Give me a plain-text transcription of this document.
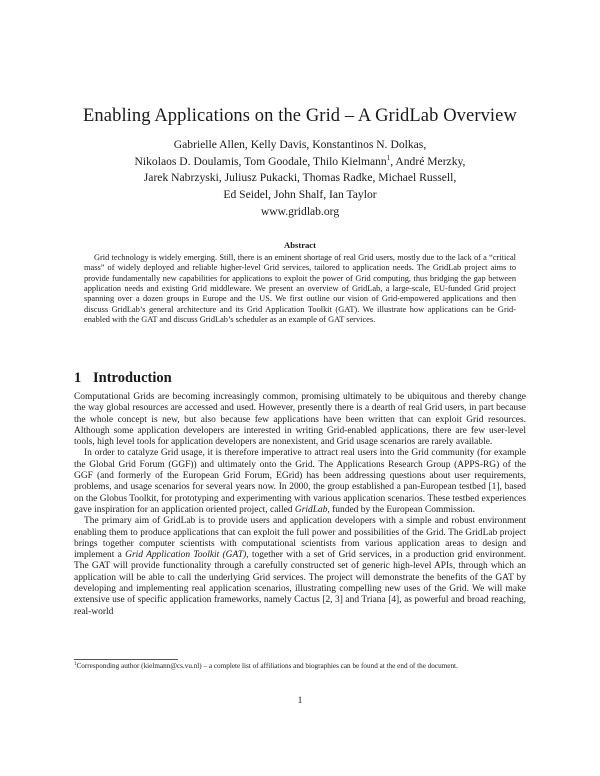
Enabling Applications on the Grid – A GridLab Overview
Gabrielle Allen, Kelly Davis, Konstantinos N. Dolkas,
Nikolaos D. Doulamis, Tom Goodale, Thilo Kielmann$^1$, André Merzky,
Jarek Nabrzyski, Juliusz Pukacki, Thomas Radke, Michael Russell,
Ed Seidel, John Shalf, Ian Taylor
www.gridlab.org
Abstract
Grid technology is widely emerging. Still, there is an eminent shortage of real Grid users, mostly due to the lack of a “critical mass” of widely deployed and reliable higher-level Grid services, tailored to application needs. The GridLab project aims to provide fundamentally new capabilities for applications to exploit the power of Grid computing, thus bridging the gap between application needs and existing Grid middleware. We present an overview of GridLab, a large-scale, EU-funded Grid project spanning over a dozen groups in Europe and the US. We first outline our vision of Grid-empowered applications and then discuss GridLab’s general architecture and its Grid Application Toolkit (GAT). We illustrate how applications can be Grid-enabled with the GAT and discuss GridLab’s scheduler as an example of GAT services.
1 Introduction

Computational Grids are becoming increasingly common, promising ultimately to be ubiquitous and thereby change the way global resources are accessed and used. However, presently there is a dearth of real Grid users, in part because the whole concept is new, but also because few applications have been written that can exploit Grid resources. Although some application developers are interested in writing Grid-enabled applications, there are few user-level tools, high level tools for application developers are nonexistent, and Grid usage scenarios are rarely available.

In order to catalyze Grid usage, it is therefore imperative to attract real users into the Grid community (for example the Global Grid Forum (GGF)) and ultimately onto the Grid. The Applications Research Group (APPS-RG) of the GGF (and formerly of the European Grid Forum, EGrid) has been addressing questions about user requirements, problems, and usage scenarios for several years now. In 2000, the group established a pan-European testbed [1], based on the Globus Toolkit, for prototyping and experimenting with various application scenarios. These testbed experiences gave inspiration for an application oriented project, called GridLab, funded by the European Commission.

The primary aim of GridLab is to provide users and application developers with a simple and robust environment enabling them to produce applications that can exploit the full power and possibilities of the Grid. The GridLab project brings together computer scientists with computational scientists from various application areas to design and implement a Grid Application Toolkit (GAT), together with a set of Grid services, in a production grid environment. The GAT will provide functionality through a carefully constructed set of generic high-level APIs, through which an application will be able to call the underlying Grid services. The project will demonstrate the benefits of the GAT by developing and implementing real application scenarios, illustrating compelling new uses of the Grid. We will make extensive use of specific application frameworks, namely Cactus [2, 3] and Triana [4], as powerful and broad reaching, real-world

$^1$Corresponding author (kielmann@cs.vu.nl) – a complete list of affiliations and biographies can be found at the end of the document.
1
